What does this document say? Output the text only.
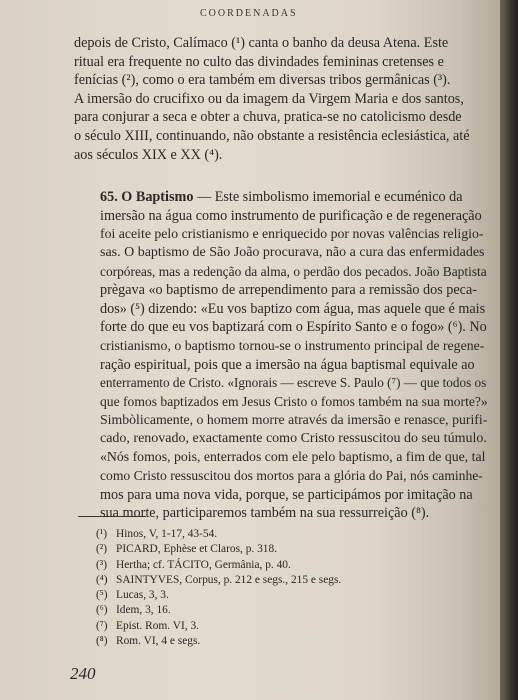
COORDENADAS

depois de Cristo, Calímaco (¹) canta o banho da deusa Atena. Este
ritual era frequente no culto das divindades femininas cretenses e
fenícias (²), como o era também em diversas tribos germânicas (³).
A imersão do crucifixo ou da imagem da Virgem Maria e dos santos,
para conjurar a seca e obter a chuva, pratica-se no catolicismo desde
o século XIII, continuando, não obstante a resistência eclesiástica, até
aos séculos XIX e XX (⁴).

65. O Baptismo — Este simbolismo imemorial e ecuménico da
imersão na água como instrumento de purificação e de regeneração
foi aceite pelo cristianismo e enriquecido por novas valências religio-
sas. O baptismo de São João procurava, não a cura das enfermidades
corpóreas, mas a redenção da alma, o perdão dos pecados. João Baptista
prègava «o baptismo de arrependimento para a remissão dos peca-
dos» (⁵) dizendo: «Eu vos baptizo com água, mas aquele que é mais
forte do que eu vos baptizará com o Espírito Santo e o fogo» (⁶). No
cristianismo, o baptismo tornou-se o instrumento principal de regene-
ração espiritual, pois que a imersão na água baptismal equivale ao
enterramento de Cristo. «Ignorais — escreve S. Paulo (⁷) — que todos os
que fomos baptizados em Jesus Cristo o fomos também na sua morte?»
Simbòlicamente, o homem morre através da imersão e renasce, purifi-
cado, renovado, exactamente como Cristo ressuscitou do seu túmulo.
«Nós fomos, pois, enterrados com ele pelo baptismo, a fim de que, tal
como Cristo ressuscitou dos mortos para a glória do Pai, nós caminhe-
mos para uma nova vida, porque, se participámos por imitação na
sua morte, participaremos também na sua ressurreição (⁸).

(¹) Hinos, V, 1-17, 43-54.
(²) PICARD, Ephèse et Claros, p. 318.
(³) Hertha; cf. TÁCITO, Germânia, p. 40.
(⁴) SAINTYVES, Corpus, p. 212 e segs., 215 e segs.
(⁵) Lucas, 3, 3.
(⁶) Idem, 3, 16.
(⁷) Epist. Rom. VI, 3.
(⁸) Rom. VI, 4 e segs.
240
